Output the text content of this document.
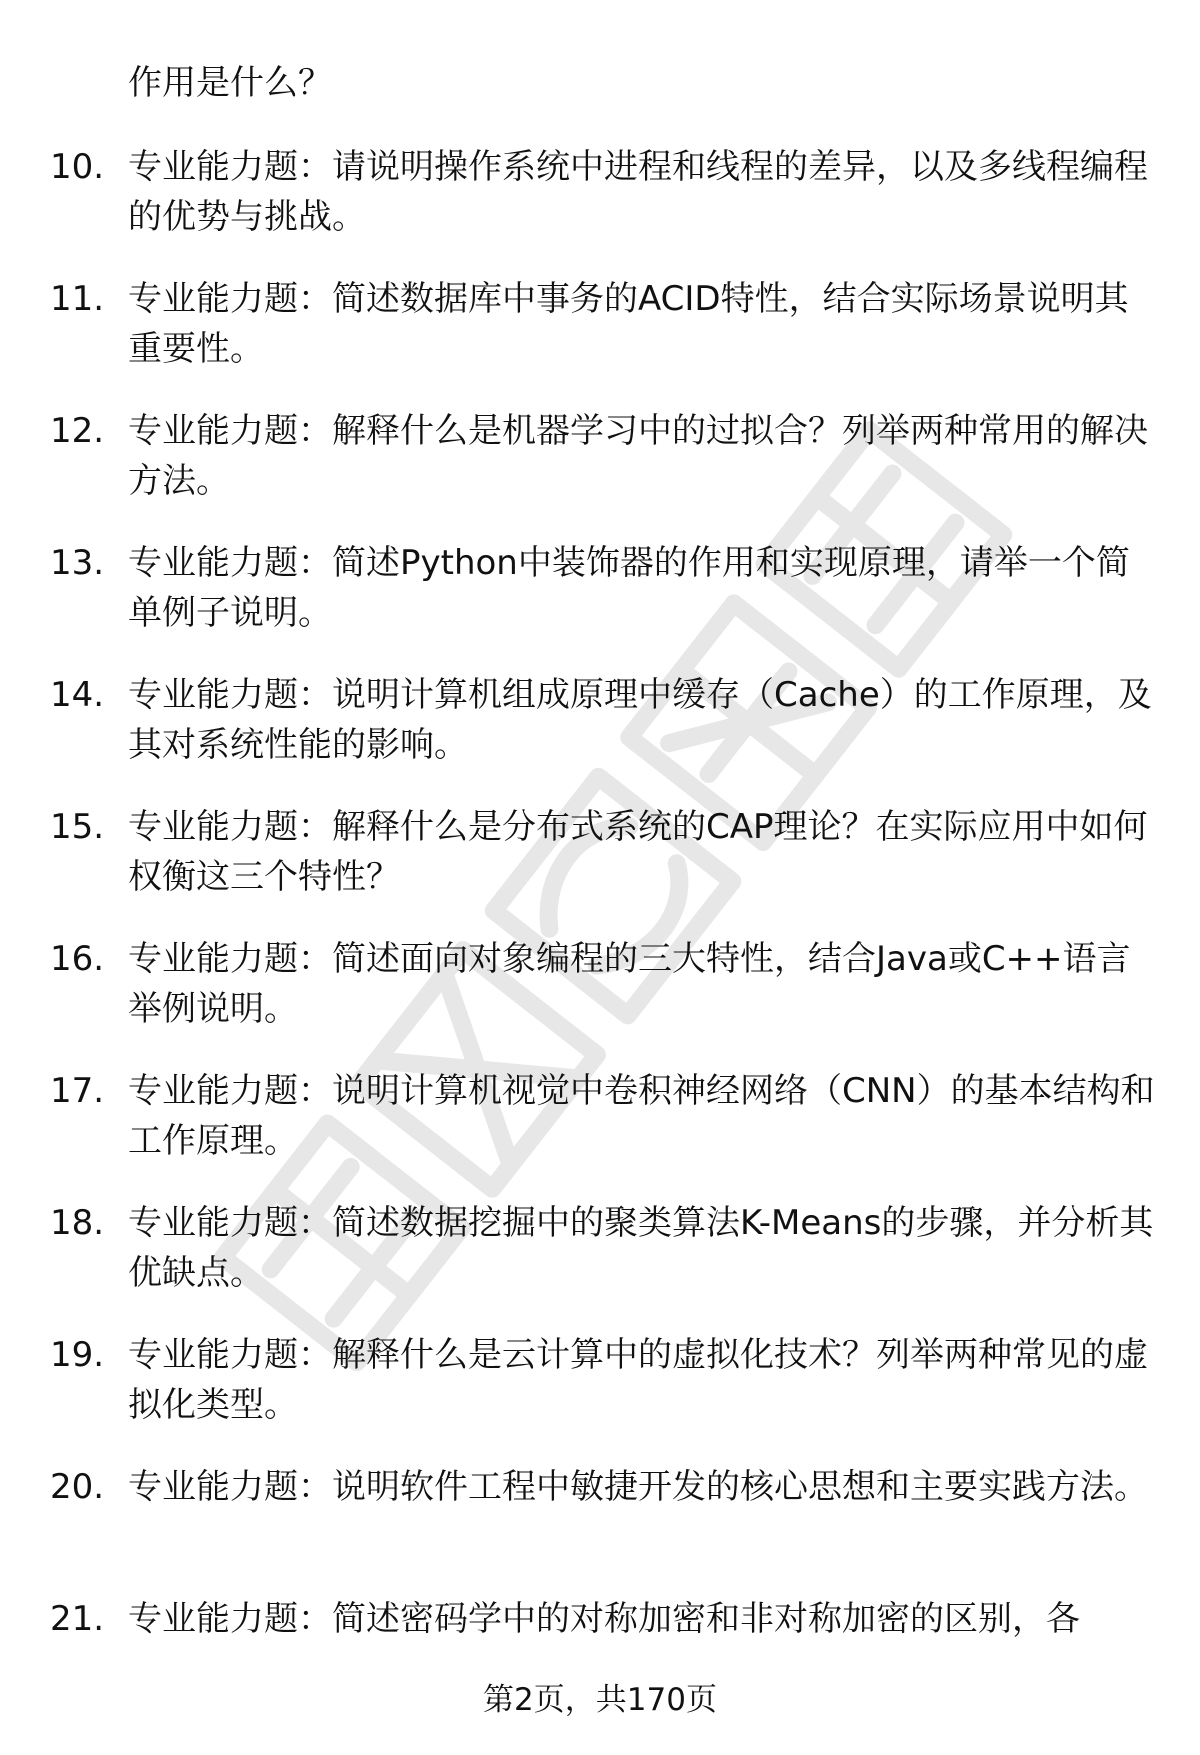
作用是什么？
10. 专业能力题：请说明操作系统中进程和线程的差异，以及多线程编程的优势与挑战。
11. 专业能力题：简述数据库中事务的ACID特性，结合实际场景说明其重要性。
12. 专业能力题：解释什么是机器学习中的过拟合？列举两种常用的解决方法。
13. 专业能力题：简述Python中装饰器的作用和实现原理，请举一个简单例子说明。
14. 专业能力题：说明计算机组成原理中缓存（Cache）的工作原理，及其对系统性能的影响。
15. 专业能力题：解释什么是分布式系统的CAP理论？在实际应用中如何权衡这三个特性？
16. 专业能力题：简述面向对象编程的三大特性，结合Java或C++语言举例说明。
17. 专业能力题：说明计算机视觉中卷积神经网络（CNN）的基本结构和工作原理。
18. 专业能力题：简述数据挖掘中的聚类算法K-Means的步骤，并分析其优缺点。
19. 专业能力题：解释什么是云计算中的虚拟化技术？列举两种常见的虚拟化类型。
20. 专业能力题：说明软件工程中敏捷开发的核心思想和主要实践方法。
21. 专业能力题：简述密码学中的对称加密和非对称加密的区别，各
第2页，共170页
